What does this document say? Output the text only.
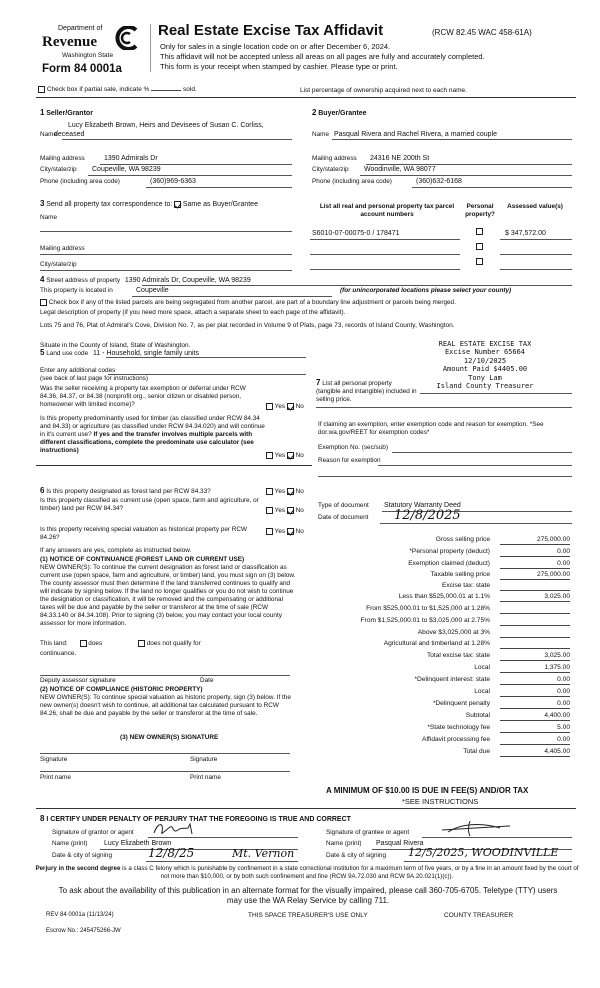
Department of
Revenue
Washington State
Form 84 0001a
Real Estate Excise Tax Affidavit	(RCW 82.45 WAC 458-61A)
Only for sales in a single location code on or after December 6, 2024.
This affidavit will not be accepted unless all areas on all pages are fully and accurately completed.
This form is your receipt when stamped by cashier. Please type or print.
Check box if partial sale, indicate %	sold.	List percentage of ownership acquired next to each name.
1 Seller/Grantor
Lucy Elizabeth Brown, Heirs and Devisees of Susan C. Corliss, deceased
Name
Mailing address	1390 Admirals Dr
City/state/zip Coupeville, WA 98239
Phone (including area code)	(360)969-6363
2 Buyer/Grantee
Name Pasqual Rivera and Rachel Rivera, a married couple
Mailing address 24316 NE 200th St
City/state/zip Woodinville, WA 98077
Phone (including area code)	(360)632-6168
3 Send all property tax correspondence to: Same as Buyer/Grantee
Name
Mailing address
City/state/zip
List all real and personal property tax parcel account numbers
Personal property?
Assessed value(s)
S6010-07-00075-0 / 178471	$ 347,572.00
4 Street address of property 1390 Admirals Dr, Coupeville, WA 98239
This property is located in	Coupeville	(for unincorporated locations please select your county)
Check box if any of the listed parcels are being segregated from another parcel, are part of a boundary line adjustment or parcels being merged.
Legal description of property (if you need more space, attach a separate sheet to each page of the affidavit).
Lots 75 and 76, Plat of Admiral's Cove, Division No. 7, as per plat recorded in Volume 9 of Plats, page 73, records of Island County, Washington.
Situate in the County of Island, State of Washington.	REAL ESTATE EXCISE TAX
Excise Number 65664
12/10/2025
Amount Paid $4405.00
Tony Lam
Island County Treasurer
5 Land use code 11 - Household, single family units
Enter any additional codes
(see back of last page for instructions)
Was the seller receiving a property tax exemption or deferral under RCW 84.36, 84.37, or 84.38 (nonprofit org., senior citizen or disabled person, homeowner with limited income)?	Yes No
Is this property predominantly used for timber (as classified under RCW 84.34 and 84.33) or agriculture (as classified under RCW 84.34.020) and will continue in it's current use? If yes and the transfer involves multiple parcels with different classifications, complete the predominate use calculator (see instructions)
Yes No
7 List all personal property (tangible and intangible) included in selling price.
If claiming an exemption, enter exemption code and reason for exemption. *See dor.wa.gov/REET for exemption codes*
Exemption No. (sec/sub)
Reason for exemption
6 Is this property designated as forest land per RCW 84.33?	Yes No
Is this property classified as current use (open space, farm and agriculture, or timber) land per RCW 84.34?	Yes No
Is this property receiving special valuation as historical property per RCW 84.26?
Yes No
If any answers are yes, complete as instructed below.
(1) NOTICE OF CONTINUANCE (FOREST LAND OR CURRENT USE)
NEW OWNER(S): To continue the current designation as forest land or classification as current use (open space, farm and agriculture, or timber) land, you must sign on (3) below. The county assessor must then determine if the land transferred continues to qualify and will indicate by signing below. If the land no longer qualifies or you do not wish to continue the designation or classification, it will be removed and the compensating or additional taxes will be due and payable by the seller or transferor at the time of sale (RCW 84.33.140 or 84.34.108). Prior to signing (3) below, you may contact your local county assessor for more information.
This land:	does	does not qualify for
continuance.
Deputy assessor signature	Date
(2) NOTICE OF COMPLIANCE (HISTORIC PROPERTY)
NEW OWNER(S): To continue special valuation as historic property, sign (3) below. If the new owner(s) doesn't wish to continue, all additional tax calculated pursuant to RCW 84.26, shall be due and payable by the seller or transferor at the time of sale.
(3) NEW OWNER(S) SIGNATURE
Signature	Signature
Print name	Print name
Type of document Statutory Warranty Deed
Date of document 12/8/2025
Gross selling price	275,000.00
*Personal property (deduct)	0.00
Exemption claimed (deduct)	0.00
Taxable selling price	275,000.00
Excise tax: state
Less than $525,000.01 at 1.1%	3,025.00
From $525,000.01 to $1,525,000 at 1.28%
From $1,525,000.01 to $3,025,000 at 2.75%
Above $3,025,000 at 3%
Agricultural and timberland at 1.28%
Total excise tax: state	3,025.00
Local	1,375.00
*Delinquent interest: state	0.00
Local	0.00
*Delinquent penalty	0.00
Subtotal	4,400.00
*State technology fee	5.00
Affidavit processing fee	0.00
Total due	4,405.00
A MINIMUM OF $10.00 IS DUE IN FEE(S) AND/OR TAX
*SEE INSTRUCTIONS
8 I CERTIFY UNDER PENALTY OF PERJURY THAT THE FOREGOING IS TRUE AND CORRECT
Signature of grantor or agent
Name (print) Lucy Elizabeth Brown
Date & city of signing	12/8/25	Mt. Vernon
Signature of grantee or agent
Name (print) Pasqual Rivera
Date & city of signing 12/5/2025, WOODINVILLE
Perjury in the second degree is a class C felony which is punishable by confinement in a state correctional institution for a maximum term of five years, or by a fine in an amount fixed by the court of not more than $10,000, or by both such confinement and fine (RCW 9A.72.030 and RCW 9A.20.021(1)(c)).
To ask about the availability of this publication in an alternate format for the visually impaired, please call 360-705-6705. Teletype (TTY) users may use the WA Relay Service by calling 711.
REV 84 0001a (11/13/24)	THIS SPACE TREASURER'S USE ONLY	COUNTY TREASURER
Escrow No.: 245475266-JW
